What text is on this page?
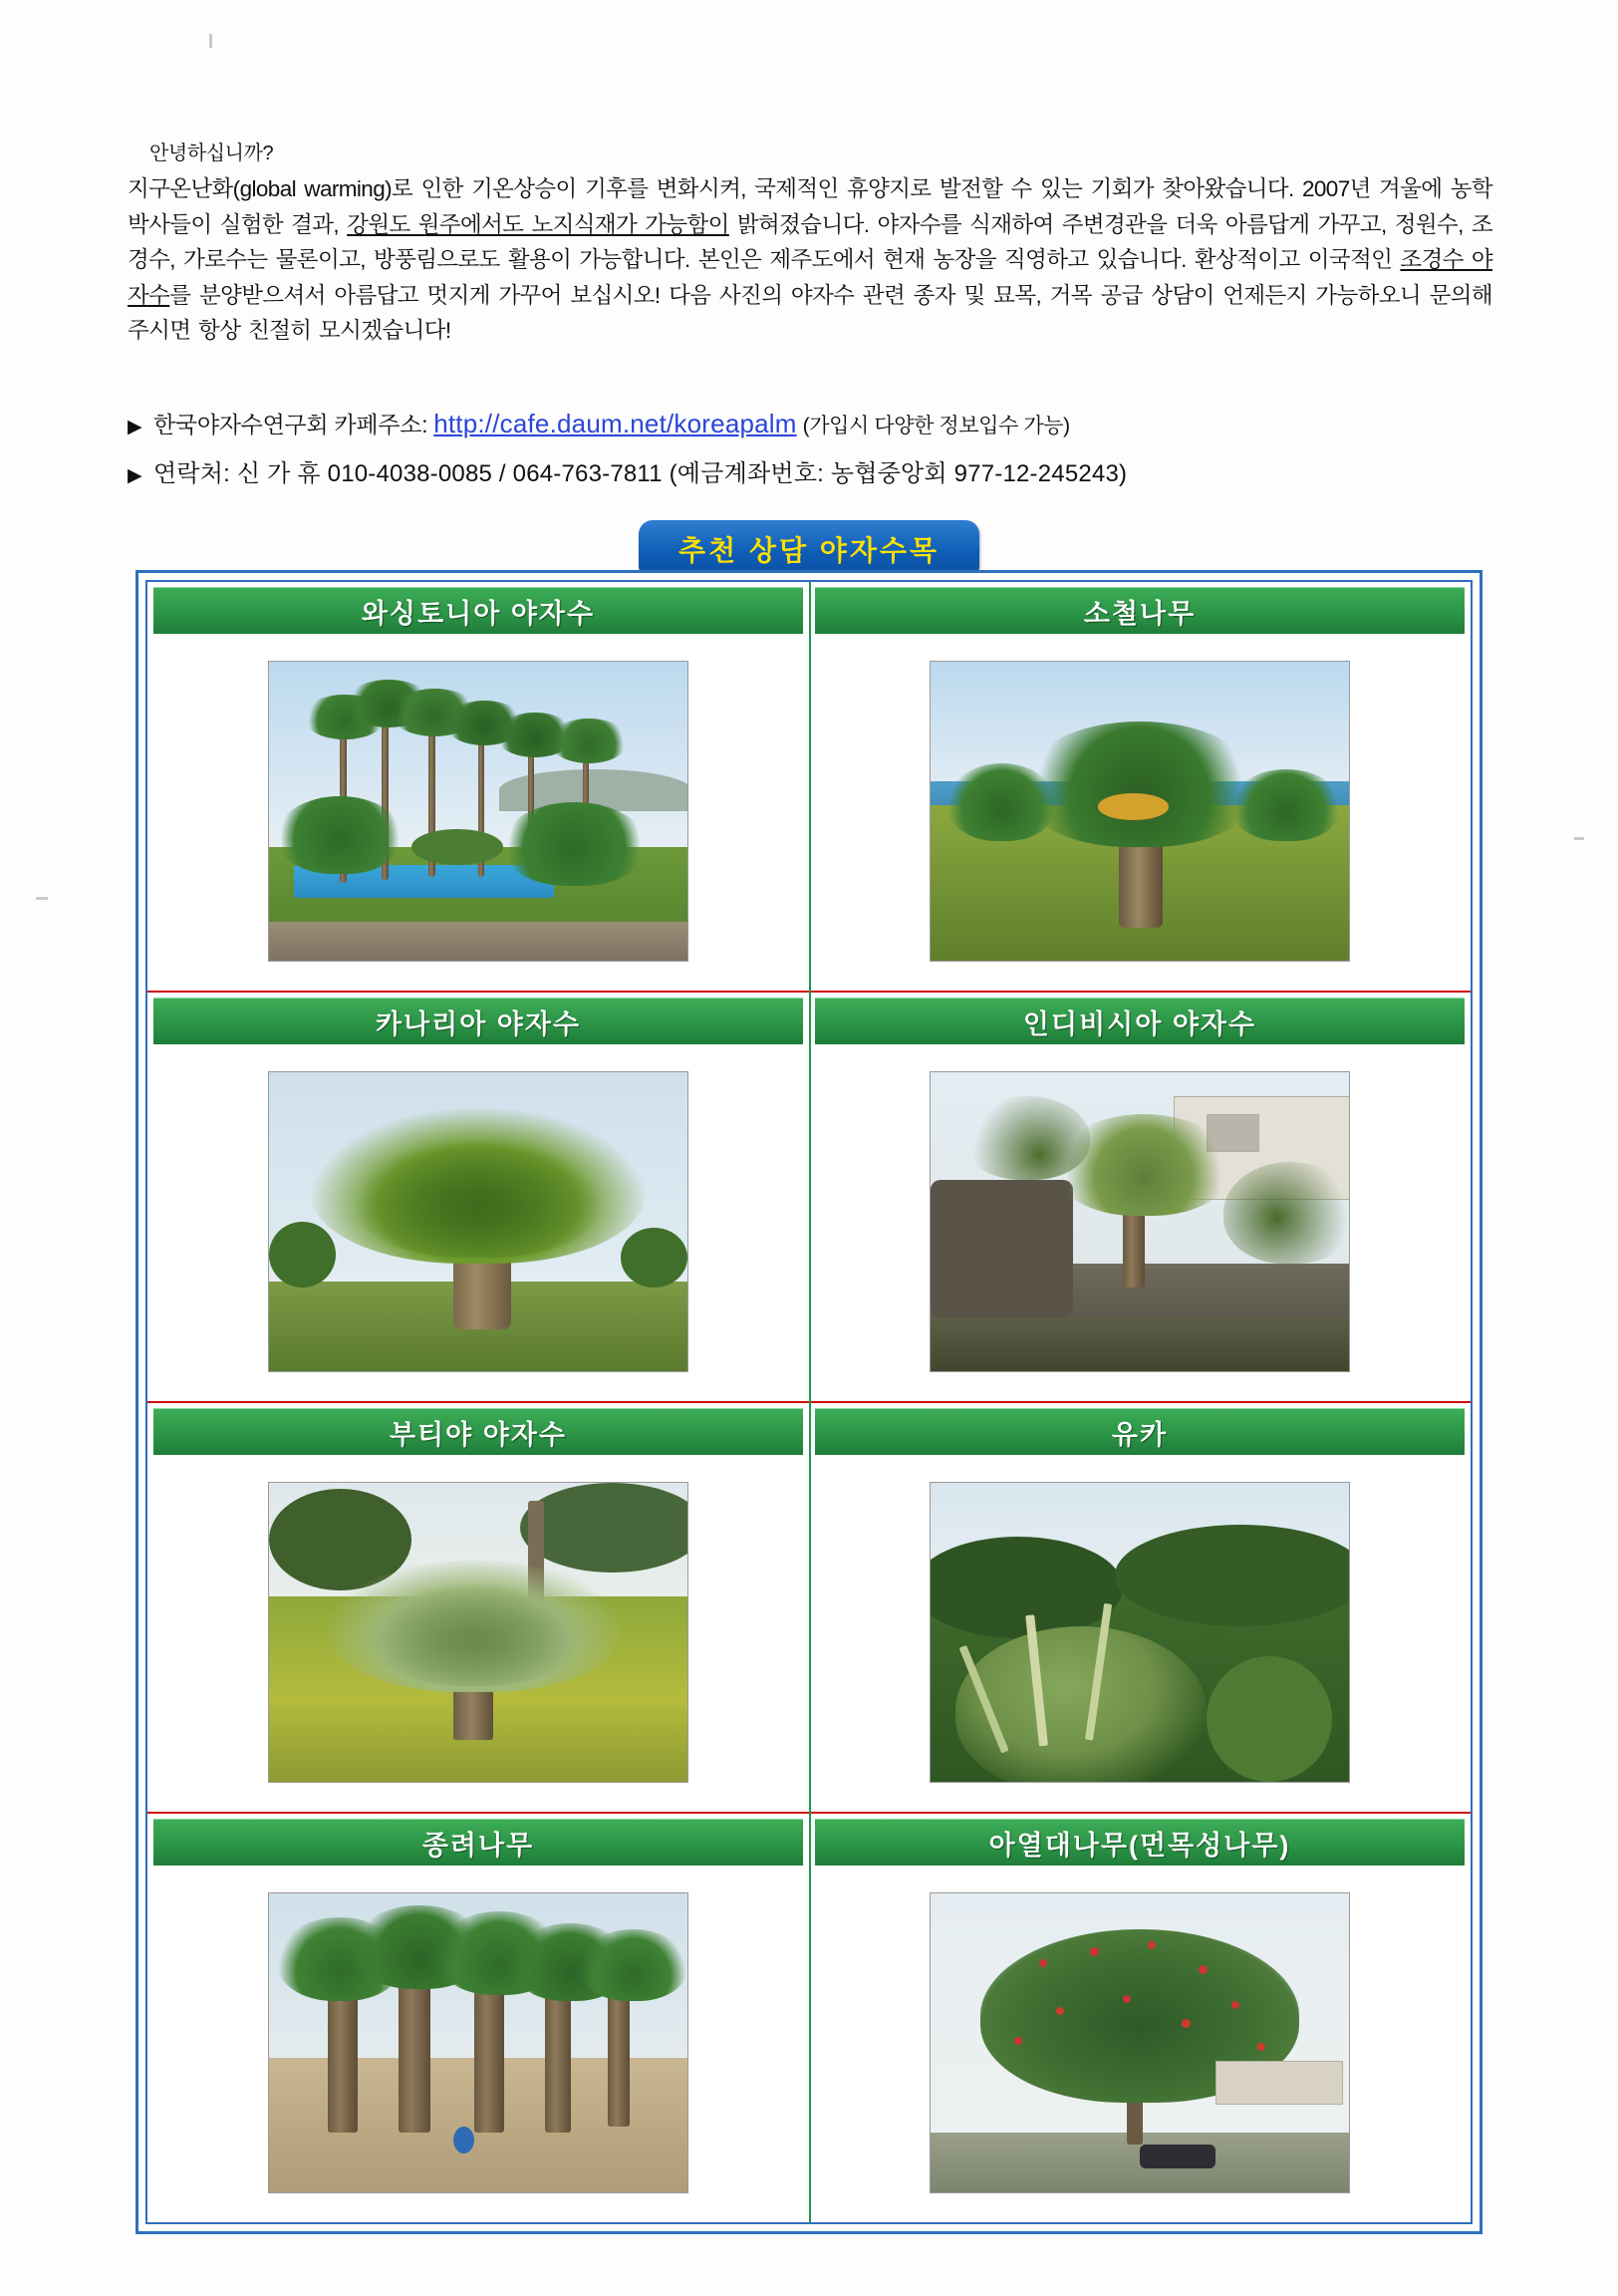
안녕하십니까?

지구온난화(global warming)로 인한 기온상승이 기후를 변화시켜, 국제적인 휴양지로 발전할 수 있는 기회가 찾아왔습니다. 2007년 겨울에 농학박사들이 실험한 결과, 강원도 원주에서도 노지식재가 가능함이 밝혀졌습니다. 야자수를 식재하여 주변경관을 더욱 아름답게 가꾸고, 정원수, 조경수, 가로수는 물론이고, 방풍림으로도 활용이 가능합니다. 본인은 제주도에서 현재 농장을 직영하고 있습니다. 환상적이고 이국적인 조경수 야자수를 분양받으셔서 아름답고 멋지게 가꾸어 보십시오! 다음 사진의 야자수 관련 종자 및 묘목, 거목 공급 상담이 언제든지 가능하오니 문의해 주시면 항상 친절히 모시겠습니다!

▶ 한국야자수연구회 카페주소: http://cafe.daum.net/koreapalm (가입시 다양한 정보입수 가능)
▶ 연락처: 신 가 휴 010-4038-0085 / 064-763-7811 (예금계좌번호: 농협중앙회 977-12-245243)
추천 상담 야자수목
와싱토니아 야자수	소철나무
카나리아 야자수	인디비시아 야자수
부티야 야자수	유카
종려나무	아열대나무(먼목성나무)
